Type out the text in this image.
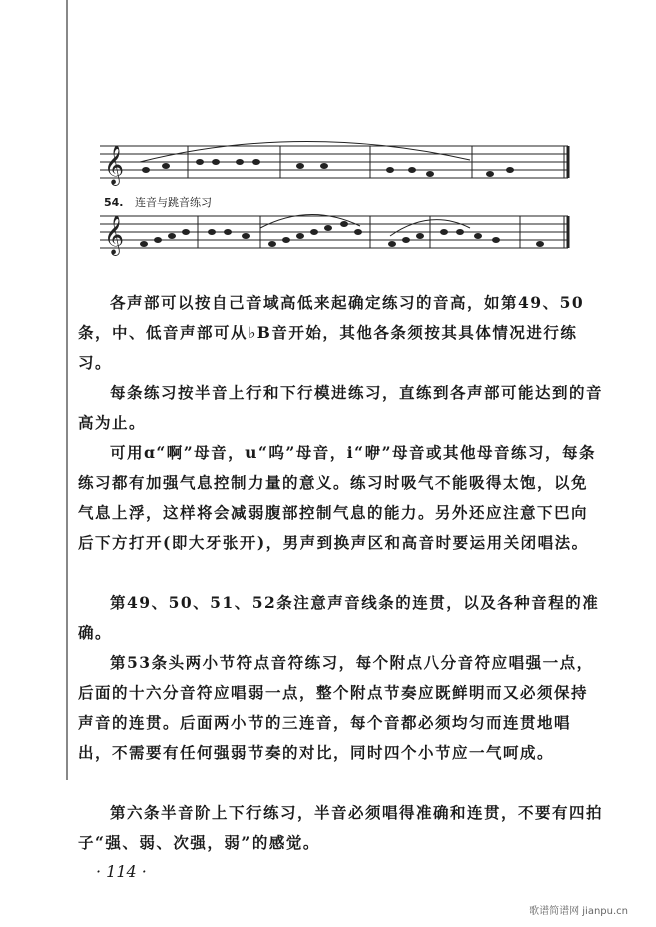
𝄞
54. 连音与跳音练习
𝄞
各声部可以按自己音域高低来起确定练习的音高，如第49、50条，中、低音声部可从♭B音开始，其他各条须按其具体情况进行练习。
每条练习按半音上行和下行模进练习，直练到各声部可能达到的音高为止。
可用ɑ“啊”母音，u“呜”母音，i“咿”母音或其他母音练习，每条练习都有加强气息控制力量的意义。练习时吸气不能吸得太饱，以免气息上浮，这样将会减弱腹部控制气息的能力。另外还应注意下巴向后下方打开(即大牙张开)，男声到换声区和高音时要运用关闭唱法。
第49、50、51、52条注意声音线条的连贯，以及各种音程的准确。
第53条头两小节符点音符练习，每个附点八分音符应唱强一点，后面的十六分音符应唱弱一点，整个附点节奏应既鲜明而又必须保持声音的连贯。后面两小节的三连音，每个音都必须均匀而连贯地唱出，不需要有任何强弱节奏的对比，同时四个小节应一气呵成。
第六条半音阶上下行练习，半音必须唱得准确和连贯，不要有四拍子“强、弱、次强，弱”的感觉。
· 114 ·
歌谱简谱网 jianpu.cn
